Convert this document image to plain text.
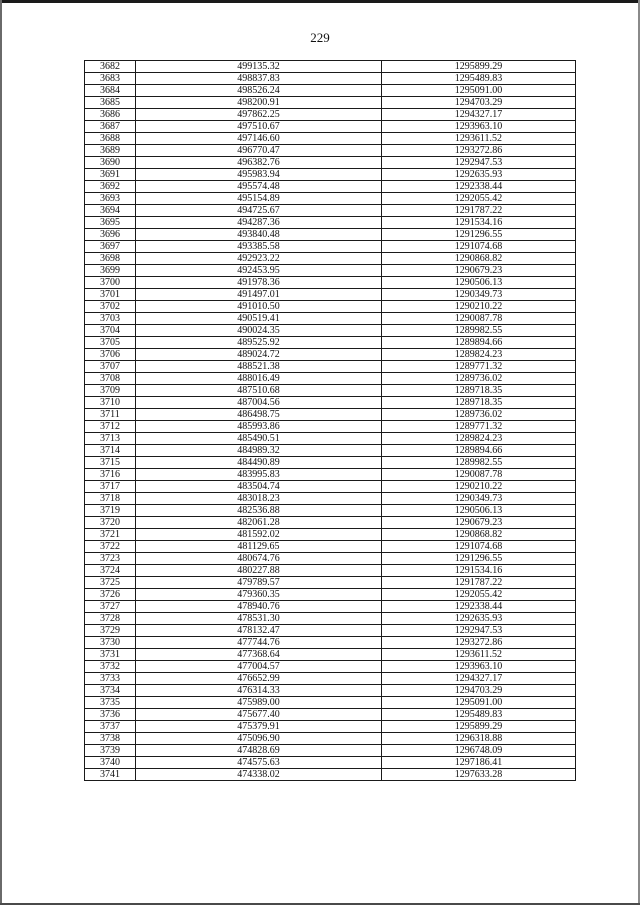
229
3682	499135.32	1295899.29
3683	498837.83	1295489.83
3684	498526.24	1295091.00
3685	498200.91	1294703.29
3686	497862.25	1294327.17
3687	497510.67	1293963.10
3688	497146.60	1293611.52
3689	496770.47	1293272.86
3690	496382.76	1292947.53
3691	495983.94	1292635.93
3692	495574.48	1292338.44
3693	495154.89	1292055.42
3694	494725.67	1291787.22
3695	494287.36	1291534.16
3696	493840.48	1291296.55
3697	493385.58	1291074.68
3698	492923.22	1290868.82
3699	492453.95	1290679.23
3700	491978.36	1290506.13
3701	491497.01	1290349.73
3702	491010.50	1290210.22
3703	490519.41	1290087.78
3704	490024.35	1289982.55
3705	489525.92	1289894.66
3706	489024.72	1289824.23
3707	488521.38	1289771.32
3708	488016.49	1289736.02
3709	487510.68	1289718.35
3710	487004.56	1289718.35
3711	486498.75	1289736.02
3712	485993.86	1289771.32
3713	485490.51	1289824.23
3714	484989.32	1289894.66
3715	484490.89	1289982.55
3716	483995.83	1290087.78
3717	483504.74	1290210.22
3718	483018.23	1290349.73
3719	482536.88	1290506.13
3720	482061.28	1290679.23
3721	481592.02	1290868.82
3722	481129.65	1291074.68
3723	480674.76	1291296.55
3724	480227.88	1291534.16
3725	479789.57	1291787.22
3726	479360.35	1292055.42
3727	478940.76	1292338.44
3728	478531.30	1292635.93
3729	478132.47	1292947.53
3730	477744.76	1293272.86
3731	477368.64	1293611.52
3732	477004.57	1293963.10
3733	476652.99	1294327.17
3734	476314.33	1294703.29
3735	475989.00	1295091.00
3736	475677.40	1295489.83
3737	475379.91	1295899.29
3738	475096.90	1296318.88
3739	474828.69	1296748.09
3740	474575.63	1297186.41
3741	474338.02	1297633.28
